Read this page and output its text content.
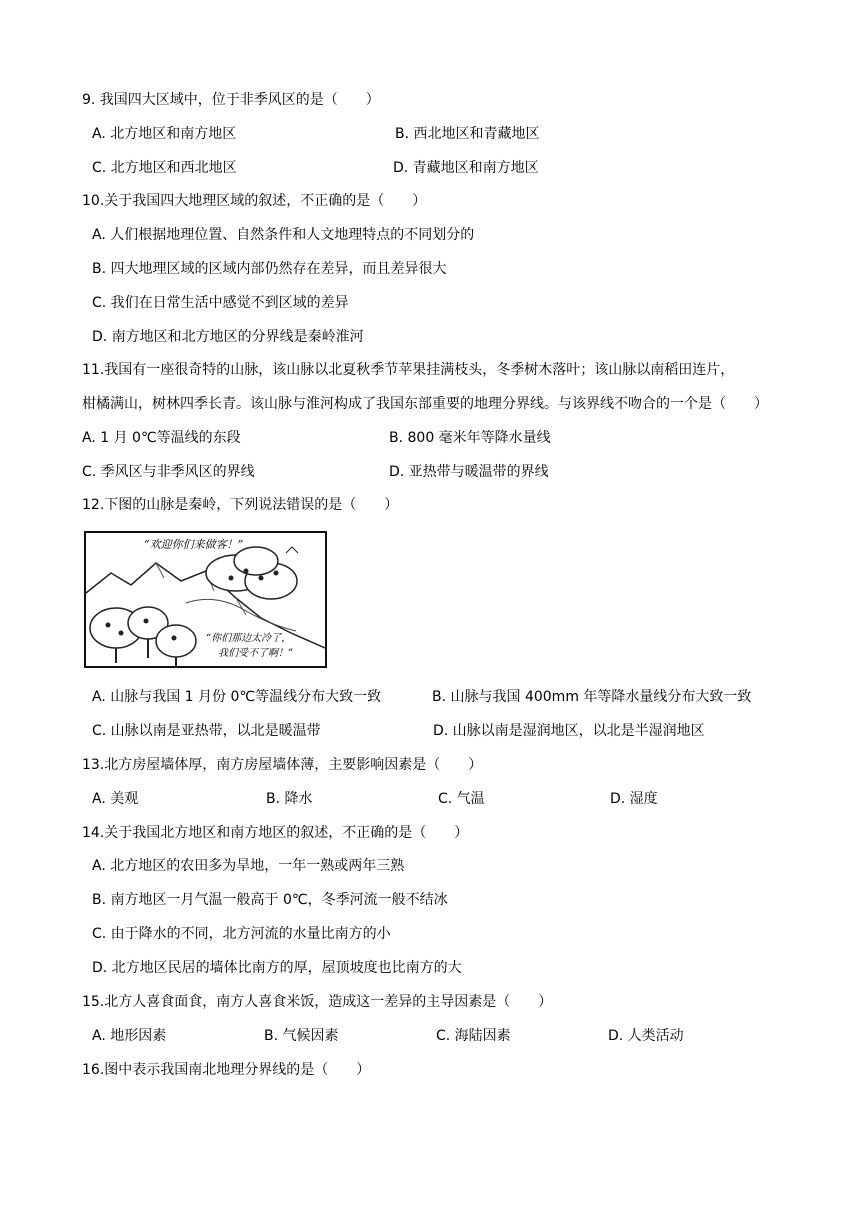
9. 我国四大区域中，位于非季风区的是（　　）
A. 北方地区和南方地区	B. 西北地区和青藏地区
C. 北方地区和西北地区	D. 青藏地区和南方地区
10.关于我国四大地理区域的叙述，不正确的是（　　）
A. 人们根据地理位置、自然条件和人文地理特点的不同划分的
B. 四大地理区域的区域内部仍然存在差异，而且差异很大
C. 我们在日常生活中感觉不到区域的差异
D. 南方地区和北方地区的分界线是秦岭淮河
11.我国有一座很奇特的山脉，该山脉以北夏秋季节苹果挂满枝头，冬季树木落叶；该山脉以南稻田连片，
柑橘满山，树林四季长青。该山脉与淮河构成了我国东部重要的地理分界线。与该界线不吻合的一个是（　　）
A. 1 月 0℃等温线的东段	B. 800 毫米年等降水量线
C. 季风区与非季风区的界线	D. 亚热带与暖温带的界线
12.下图的山脉是秦岭，下列说法错误的是（　　）
“欢迎你们来做客！”
“你们那边太冷了，
我们受不了啊！”
A. 山脉与我国 1 月份 0℃等温线分布大致一致	B. 山脉与我国 400mm 年等降水量线分布大致一致
C. 山脉以南是亚热带，以北是暖温带	D. 山脉以南是湿润地区，以北是半湿润地区
13.北方房屋墙体厚，南方房屋墙体薄，主要影响因素是（　　）
A. 美观	B. 降水	C. 气温	D. 湿度
14.关于我国北方地区和南方地区的叙述，不正确的是（　　）
A. 北方地区的农田多为旱地，一年一熟或两年三熟
B. 南方地区一月气温一般高于 0℃，冬季河流一般不结冰
C. 由于降水的不同，北方河流的水量比南方的小
D. 北方地区民居的墙体比南方的厚，屋顶坡度也比南方的大
15.北方人喜食面食，南方人喜食米饭，造成这一差异的主导因素是（　　）
A. 地形因素	B. 气候因素	C. 海陆因素	D. 人类活动
16.图中表示我国南北地理分界线的是（　　）
